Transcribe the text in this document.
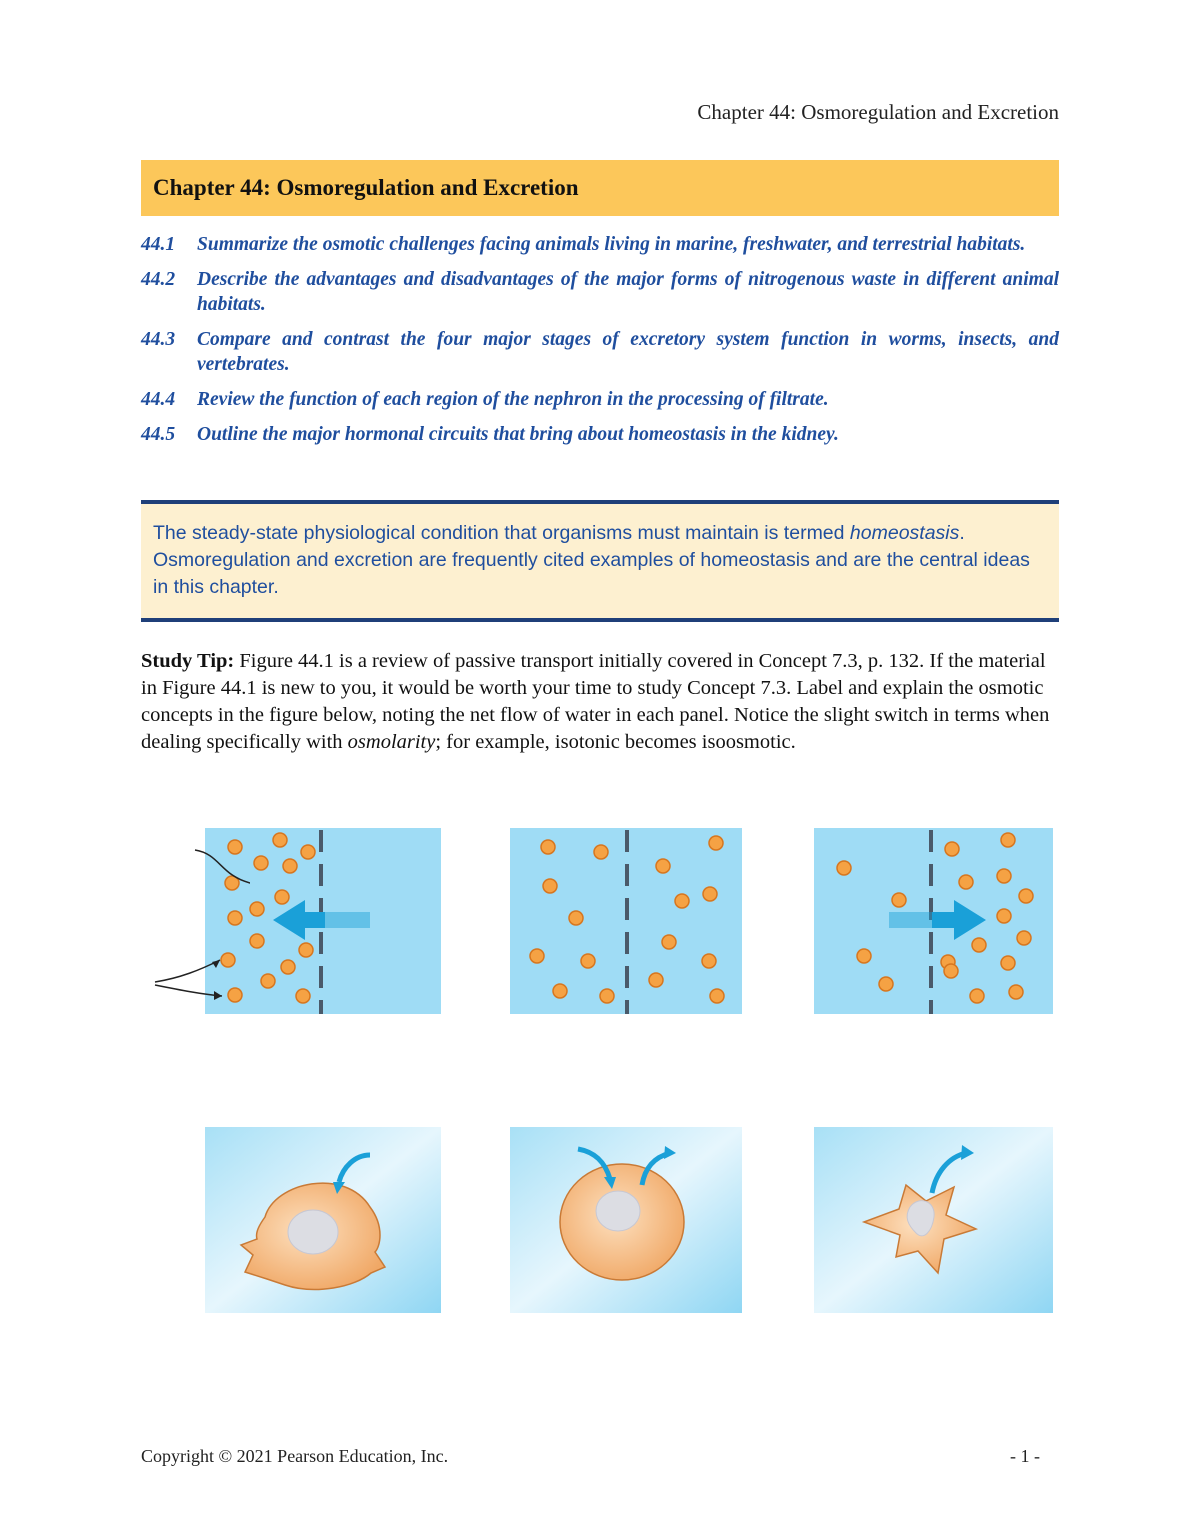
Chapter 44: Osmoregulation and Excretion
Chapter 44: Osmoregulation and Excretion
44.1	Summarize the osmotic challenges facing animals living in marine, freshwater, and terrestrial habitats.
44.2	Describe the advantages and disadvantages of the major forms of nitrogenous waste in different animal habitats.
44.3	Compare and contrast the four major stages of excretory system function in worms, insects, and vertebrates.
44.4	Review the function of each region of the nephron in the processing of filtrate.
44.5	Outline the major hormonal circuits that bring about homeostasis in the kidney.
The steady-state physiological condition that organisms must maintain is termed homeostasis. Osmoregulation and excretion are frequently cited examples of homeostasis and are the central ideas in this chapter.
Study Tip: Figure 44.1 is a review of passive transport initially covered in Concept 7.3, p. 132. If the material in Figure 44.1 is new to you, it would be worth your time to study Concept 7.3. Label and explain the osmotic concepts in the figure below, noting the net flow of water in each panel. Notice the slight switch in terms when dealing specifically with osmolarity; for example, isotonic becomes isoosmotic.
Copyright © 2021 Pearson Education, Inc.	- 1 -
